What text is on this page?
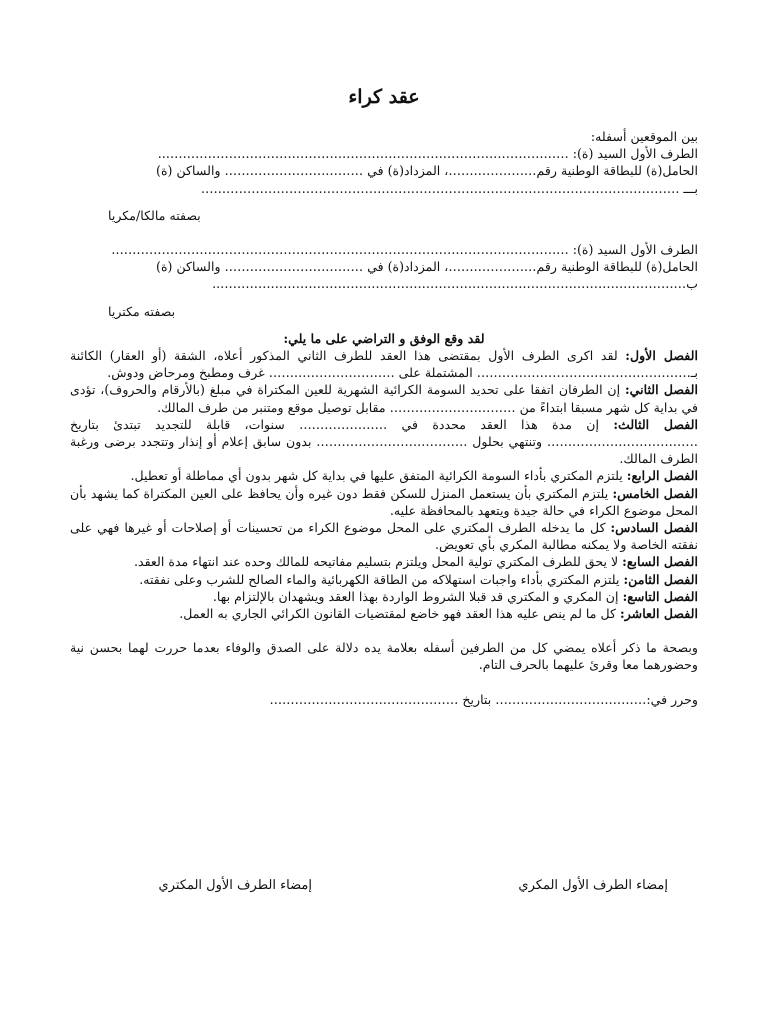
عقد كراء

بين الموقعين أسفله:

الطرف الأول السيد (ة): ……………………………………………………………………………………..

الحامل(ة) للبطاقة الوطنية رقم…………………، المزداد(ة) في …………………………… والساكن (ة)

بـــ ……………………………………………………………………………………………………

بصفته مالكا/مكريا

الطرف الأول السيد (ة): ……………………………………………………………………………………………….

الحامل(ة) للبطاقة الوطنية رقم…………………، المزداد(ة) في …………………………… والساكن (ة)

ب…………………………………………………………………………………………………..

بصفته مكتريا

لقد وقع الوفق و التراضي على ما يلي:

الفصل الأول: لقد اكرى الطرف الأول بمقتضى هذا العقد للطرف الثاني المذكور أعلاه، الشقة (أو العقار) الكائنة بـ…………………………………………… المشتملة على ………………………… غرف ومطبخ ومرحاض ودوش.

الفصل الثاني: إن الطرفان اتفقا على تحديد السومة الكرائية الشهرية للعين المكتراة في مبلغ (بالأرقام والحروف)، تؤدى في بداية كل شهر مسبقا ابتداءً من ………………………… مقابل توصيل موقع ومتنبر من طرف المالك.

الفصل الثالث: إن مدة هذا العقد محددة في ………………… سنوات، قابلة للتجديد تبتدئ بتاريخ ……………………………… وتنتهي بحلول ……………………………… بدون سابق إعلام أو إنذار وتتجدد برضى ورغبة الطرف المالك.

الفصل الرابع: يلتزم المكتري بأداء السومة الكرائية المتفق عليها في بداية كل شهر بدون أي مماطلة أو تعطيل.

الفصل الخامس: يلتزم المكتري بأن يستعمل المنزل للسكن فقط دون غيره وأن يحافظ على العين المكتراة كما يشهد بأن المحل موضوع الكراء في حالة جيدة ويتعهد بالمحافظة عليه.

الفصل السادس: كل ما يدخله الطرف المكتري على المحل موضوع الكراء من تحسينات أو إصلاحات أو غيرها فهي على نفقته الخاصة ولا يمكنه مطالبة المكري بأي تعويض.

الفصل السابع: لا يحق للطرف المكتري تولية المحل ويلتزم بتسليم مفاتيحه للمالك وحده عند انتهاء مدة العقد.

الفصل الثامن: يلتزم المكتري بأداء واجبات استهلاكه من الطاقة الكهربائية والماء الصالح للشرب وعلى نفقته.

الفصل التاسع: إن المكري و المكتري قد قبلا الشروط الواردة بهذا العقد ويشهدان بالإلتزام بها.

الفصل العاشر: كل ما لم ينص عليه هذا العقد فهو خاضع لمقتضيات القانون الكرائي الجاري به العمل.

وبصحة ما ذكر أعلاه يمضي كل من الطرفين أسفله بعلامة يده دلالة على الصدق والوفاء بعدما حررت لهما بحسن نية وحضورهما معا وقرئ عليهما بالحرف التام.

وحرر في:……………………………… بتاريخ ………………………………………

إمضاء الطرف الأول المكري
إمضاء الطرف الأول المكتري
